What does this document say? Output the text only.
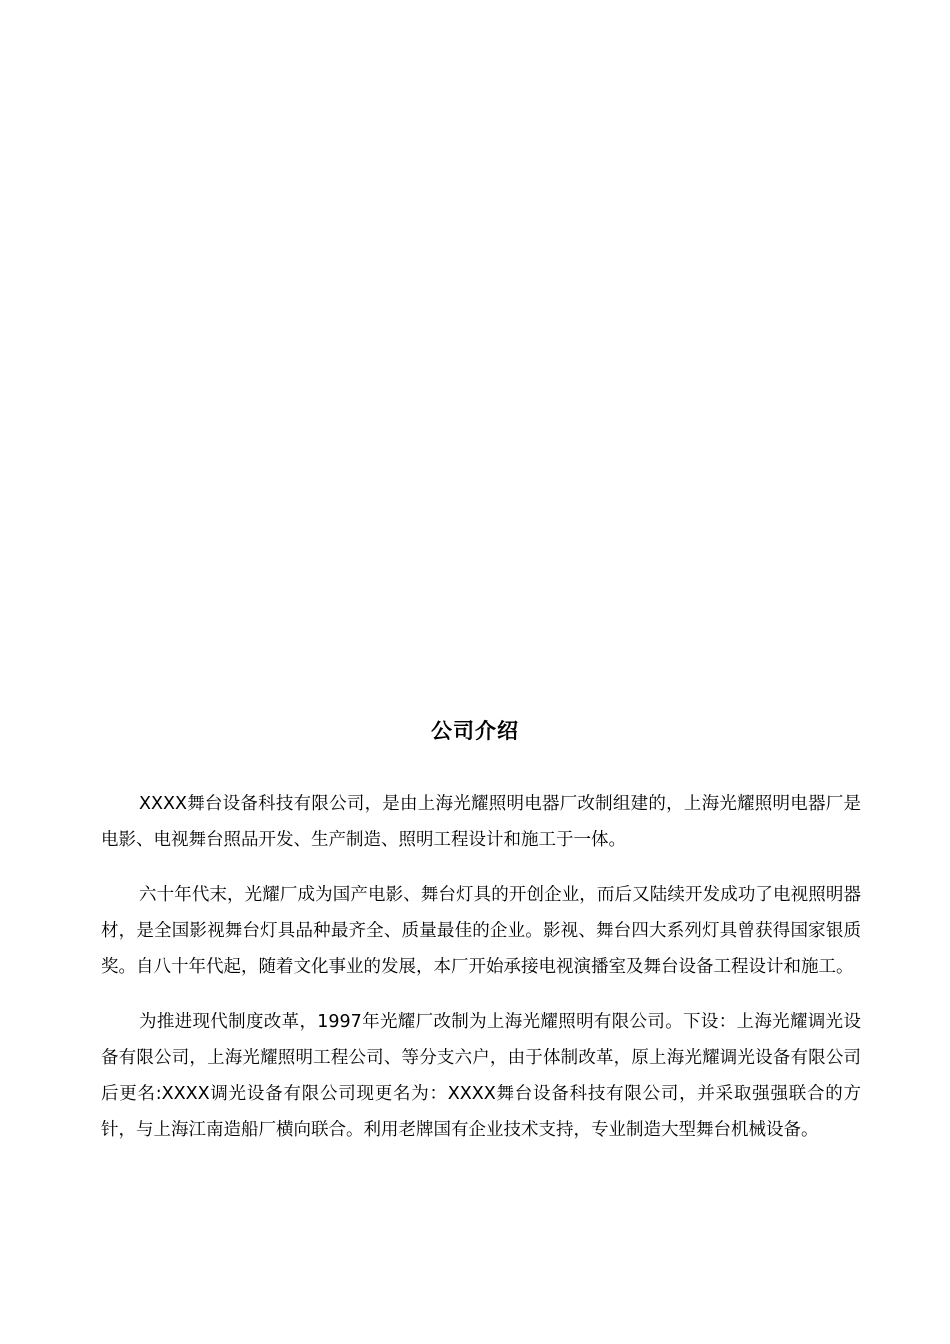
公司介绍

XXXX舞台设备科技有限公司，是由上海光耀照明电器厂改制组建的，上海光耀照明电器厂是电影、电视舞台照品开发、生产制造、照明工程设计和施工于一体。

六十年代末，光耀厂成为国产电影、舞台灯具的开创企业，而后又陆续开发成功了电视照明器材，是全国影视舞台灯具品种最齐全、质量最佳的企业。影视、舞台四大系列灯具曾获得国家银质奖。自八十年代起，随着文化事业的发展，本厂开始承接电视演播室及舞台设备工程设计和施工。

为推进现代制度改革，1997年光耀厂改制为上海光耀照明有限公司。下设：上海光耀调光设备有限公司，上海光耀照明工程公司、等分支六户，由于体制改革，原上海光耀调光设备有限公司后更名:XXXX调光设备有限公司现更名为：XXXX舞台设备科技有限公司，并采取强强联合的方针，与上海江南造船厂横向联合。利用老牌国有企业技术支持，专业制造大型舞台机械设备。
